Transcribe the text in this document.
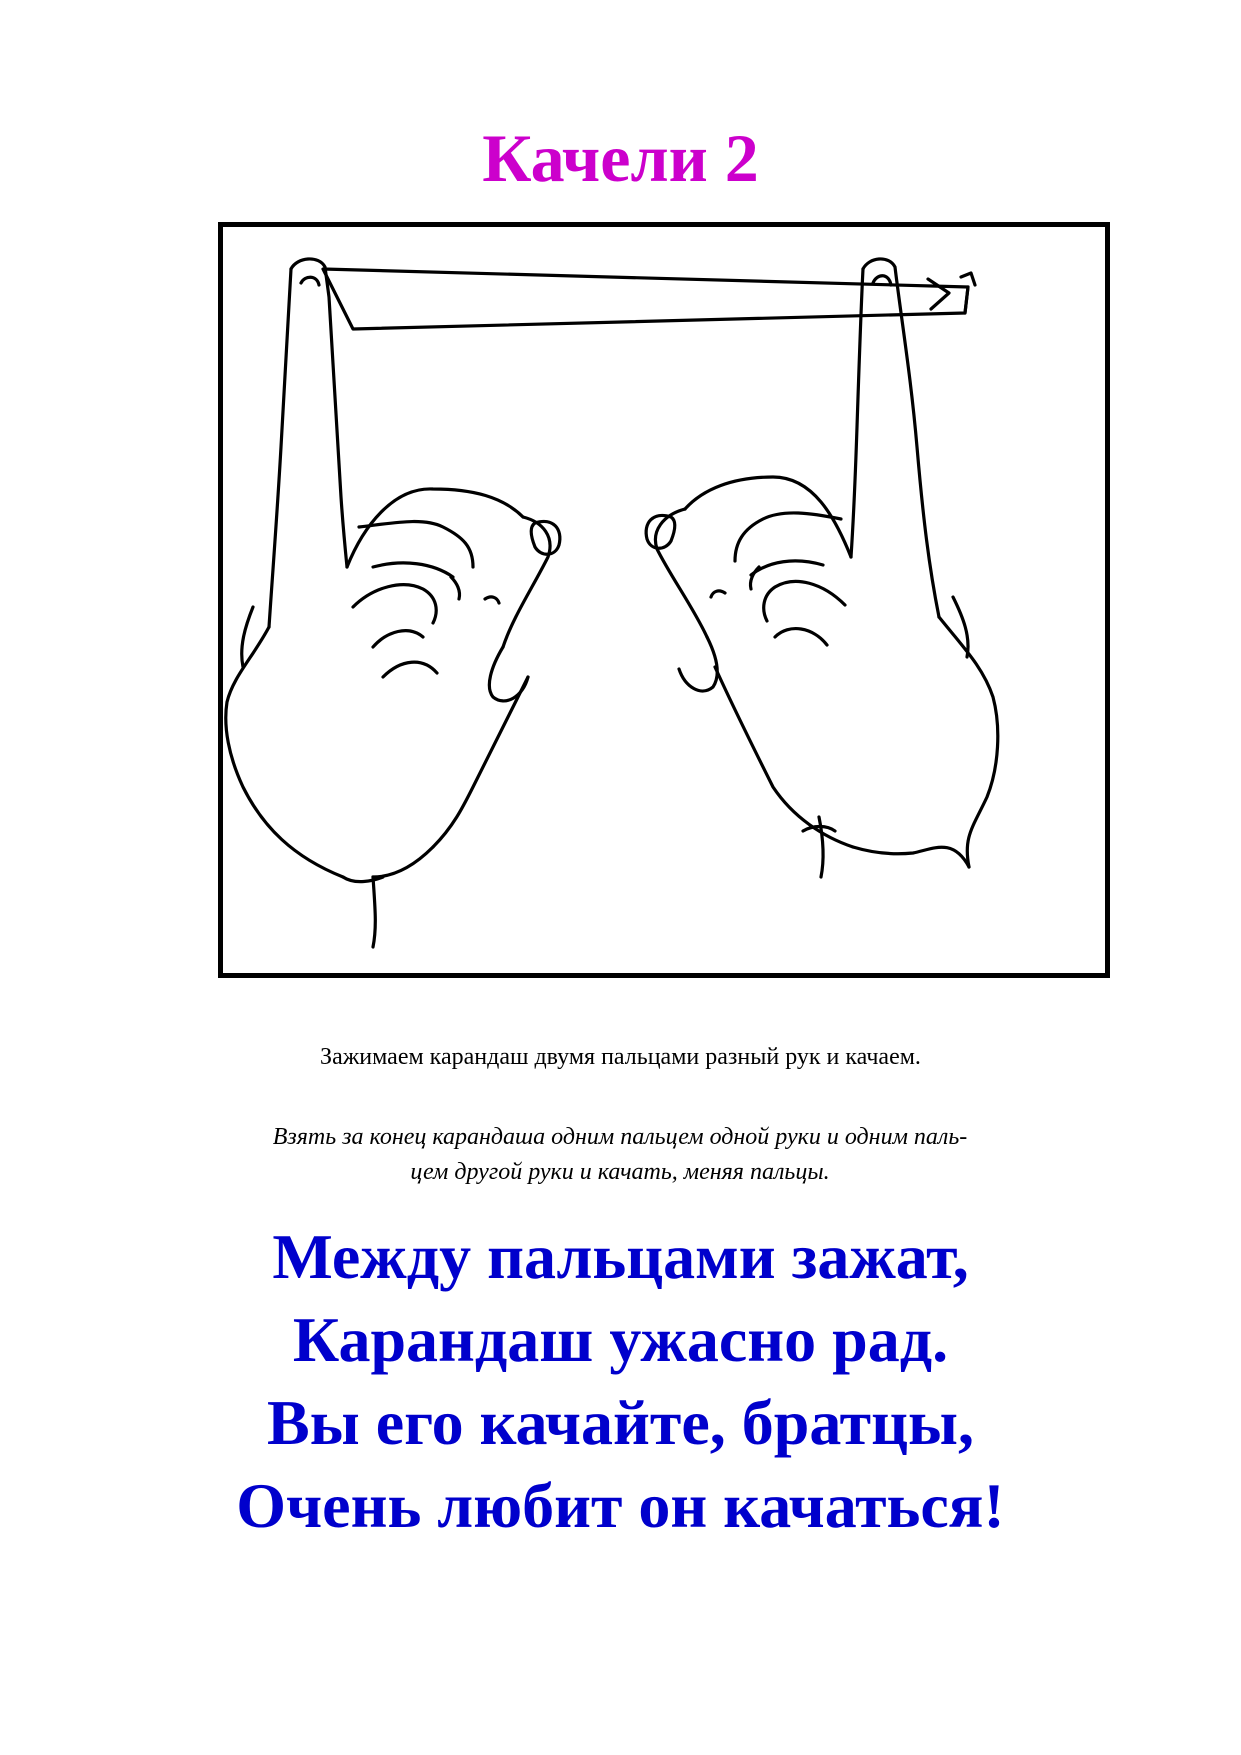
Качели 2
Зажимаем карандаш двумя пальцами разный рук и качаем.
Взять за конец карандаша одним пальцем одной руки и одним паль-
цем другой руки и качать, меняя пальцы.
Между пальцами зажат,
Карандаш ужасно рад.
Вы его качайте, братцы,
Очень любит он качаться!
